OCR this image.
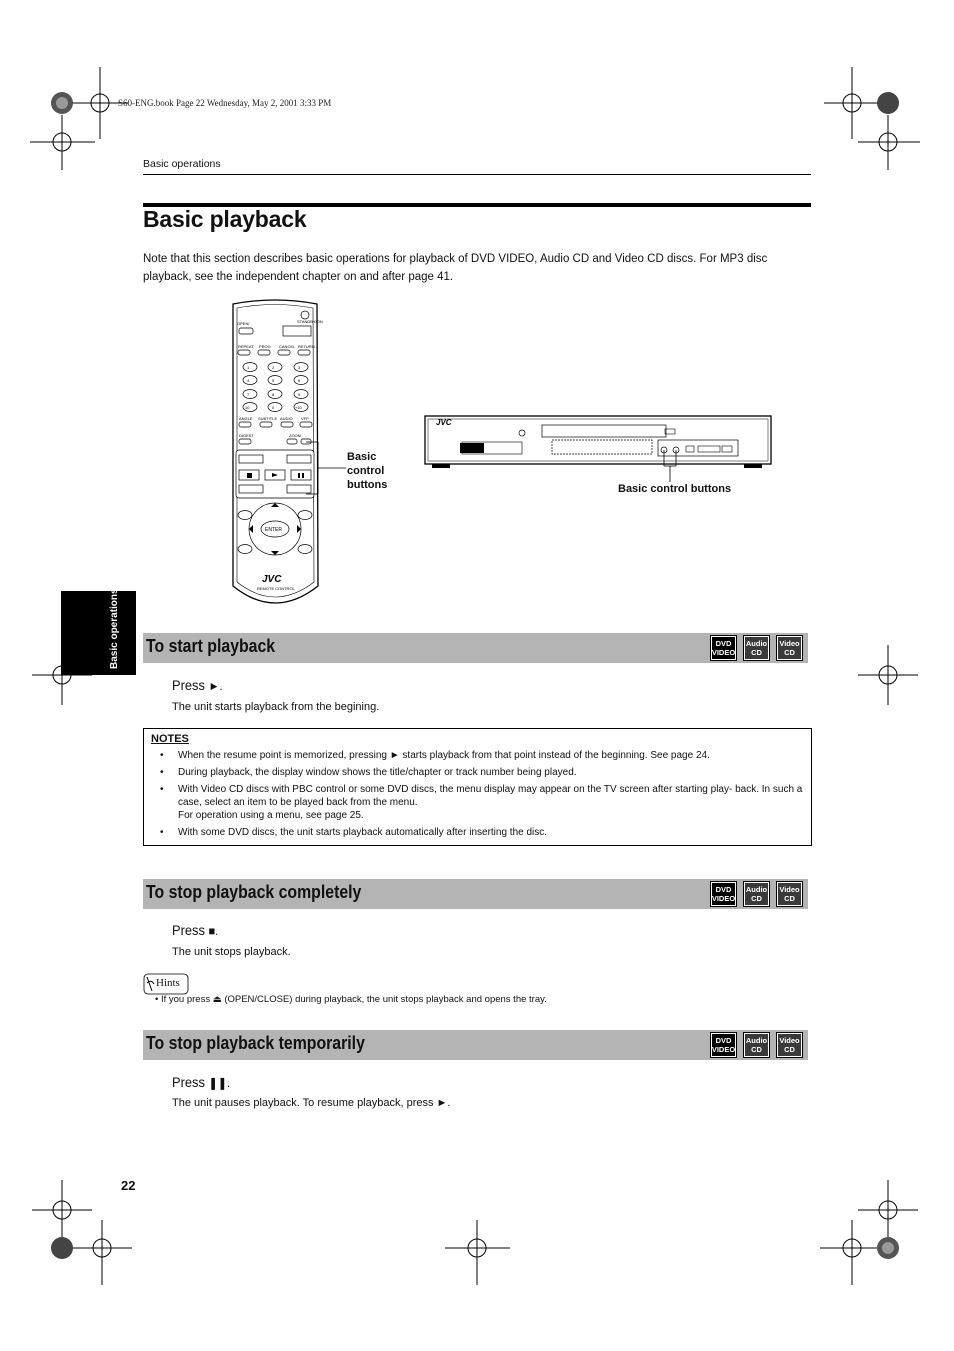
S60-ENG.book Page 22 Wednesday, May 2, 2001 3:33 PM
Basic operations
Basic playback
Note that this section describes basic operations for playback of DVD VIDEO, Audio CD and Video CD discs. For MP3 disc playback, see the independent chapter on and after page 41.
Basic operations
OPEN/	STANDBY/ON
REPEAT PROG CANCEL RETURN
1	2	3
4	5	6
7	8	9
10	0	+10
ANGLE SUBTITLE AUDIO VFP
DIGEST	ZOOM
ENTER
JVC
REMOTE CONTROL
Basic
control
buttons
JVC
Basic control buttons
To start playback	DVD
VIDEO
Audio
CD
Video
CD
Press ►.
The unit starts playback from the begining.
NOTES
• When the resume point is memorized, pressing ► starts playback from that point instead of the beginning. See page 24.
• During playback, the display window shows the title/chapter or track number being played.
• With Video CD discs with PBC control or some DVD discs, the menu display may appear on the TV screen after starting play- back. In such a case, select an item to be played back from the menu.
For operation using a menu, see page 25.
• With some DVD discs, the unit starts playback automatically after inserting the disc.
To stop playback completely	DVD
VIDEO
Audio
CD
Video
CD
Press ■.
The unit stops playback.
Hints
• If you press ⏏ (OPEN/CLOSE) during playback, the unit stops playback and opens the tray.
To stop playback temporarily	DVD
VIDEO
Audio
CD
Video
CD
Press ❚❚.
The unit pauses playback. To resume playback, press ►.
22
